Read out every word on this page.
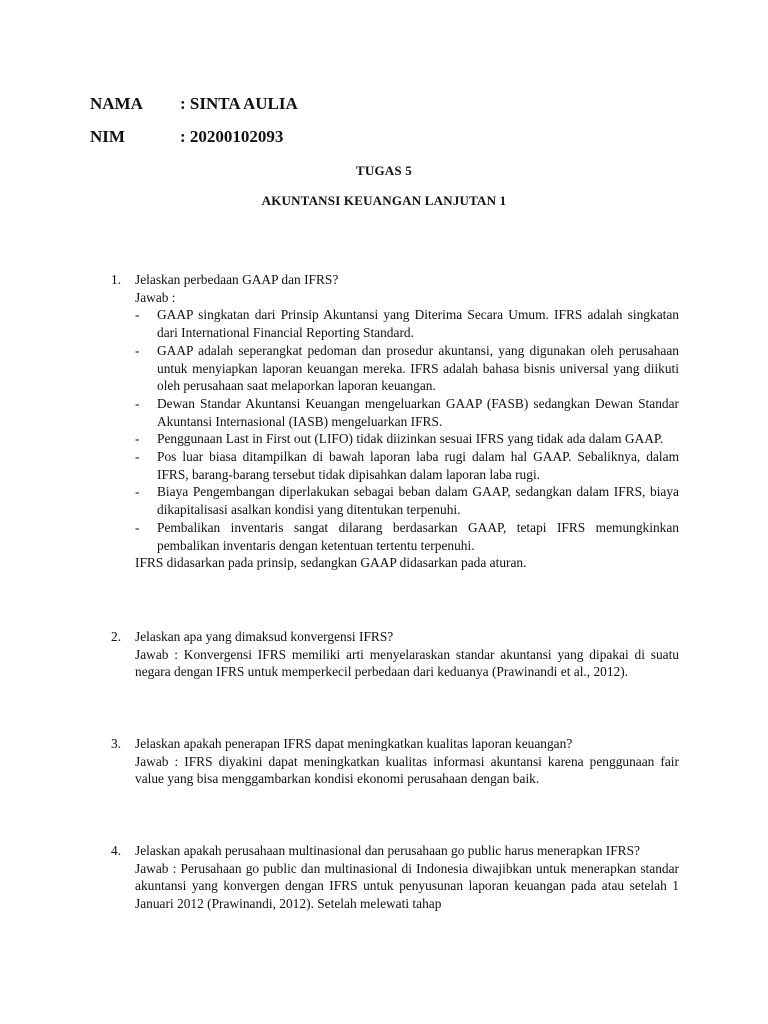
NAMA : SINTA AULIA
NIM	: 20200102093
TUGAS 5
AKUNTANSI KEUANGAN LANJUTAN 1
1. Jelaskan perbedaan GAAP dan IFRS?
Jawab :
- GAAP singkatan dari Prinsip Akuntansi yang Diterima Secara Umum. IFRS adalah singkatan dari International Financial Reporting Standard.
- GAAP adalah seperangkat pedoman dan prosedur akuntansi, yang digunakan oleh perusahaan untuk menyiapkan laporan keuangan mereka. IFRS adalah bahasa bisnis universal yang diikuti oleh perusahaan saat melaporkan laporan keuangan.
- Dewan Standar Akuntansi Keuangan mengeluarkan GAAP (FASB) sedangkan Dewan Standar Akuntansi Internasional (IASB) mengeluarkan IFRS.
- Penggunaan Last in First out (LIFO) tidak diizinkan sesuai IFRS yang tidak ada dalam GAAP.
- Pos luar biasa ditampilkan di bawah laporan laba rugi dalam hal GAAP. Sebaliknya, dalam IFRS, barang-barang tersebut tidak dipisahkan dalam laporan laba rugi.
- Biaya Pengembangan diperlakukan sebagai beban dalam GAAP, sedangkan dalam IFRS, biaya dikapitalisasi asalkan kondisi yang ditentukan terpenuhi.
- Pembalikan inventaris sangat dilarang berdasarkan GAAP, tetapi IFRS memungkinkan pembalikan inventaris dengan ketentuan tertentu terpenuhi.
IFRS didasarkan pada prinsip, sedangkan GAAP didasarkan pada aturan.
2. Jelaskan apa yang dimaksud konvergensi IFRS?
Jawab : Konvergensi IFRS memiliki arti menyelaraskan standar akuntansi yang dipakai di suatu negara dengan IFRS untuk memperkecil perbedaan dari keduanya (Prawinandi et al., 2012).
3. Jelaskan apakah penerapan IFRS dapat meningkatkan kualitas laporan keuangan?
Jawab : IFRS diyakini dapat meningkatkan kualitas informasi akuntansi karena penggunaan fair value yang bisa menggambarkan kondisi ekonomi perusahaan dengan baik.
4. Jelaskan apakah perusahaan multinasional dan perusahaan go public harus menerapkan IFRS?
Jawab : Perusahaan go public dan multinasional di Indonesia diwajibkan untuk menerapkan standar akuntansi yang konvergen dengan IFRS untuk penyusunan laporan keuangan pada atau setelah 1 Januari 2012 (Prawinandi, 2012). Setelah melewati tahap
